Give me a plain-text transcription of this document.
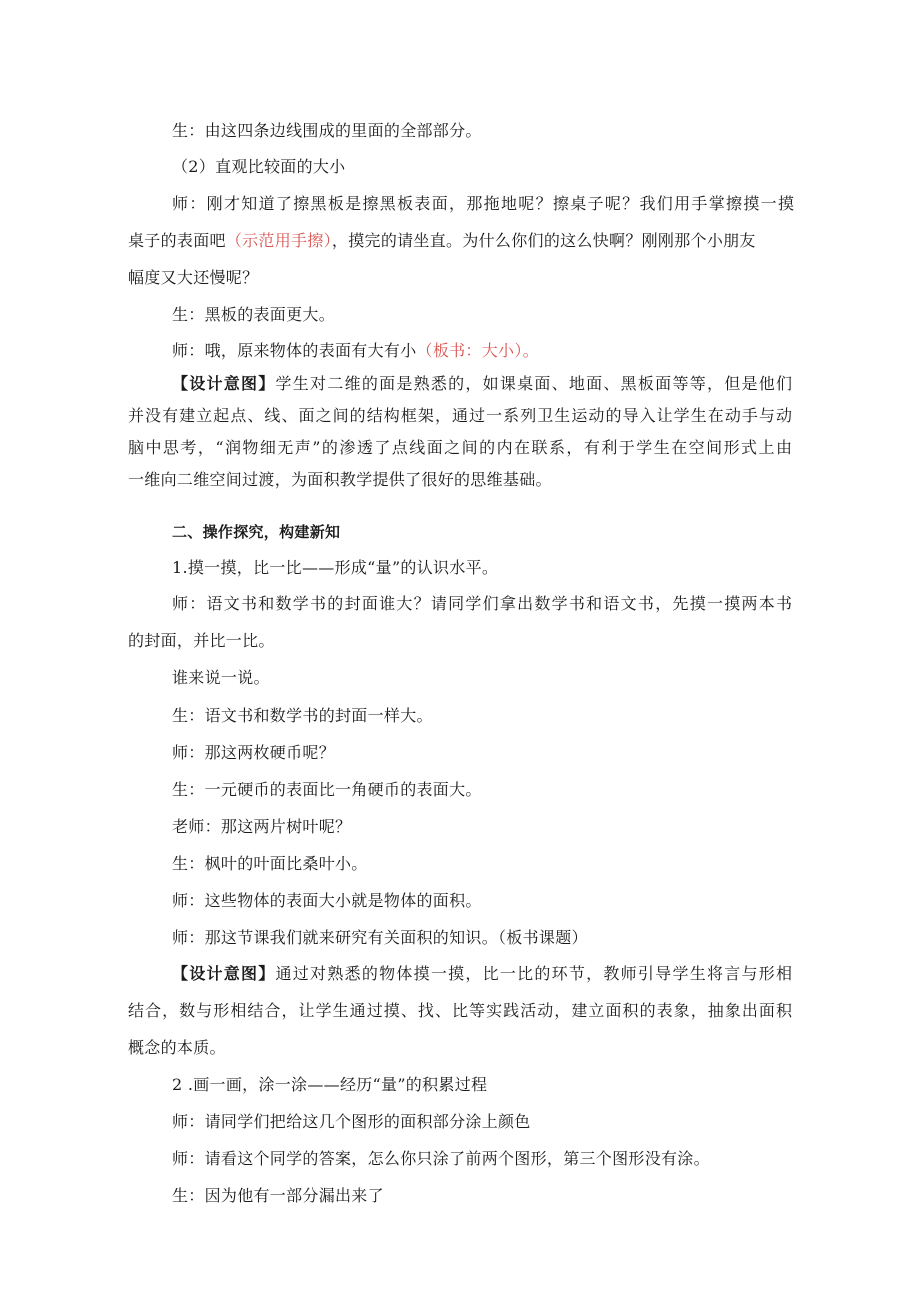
生：由这四条边线围成的里面的全部部分。
（2）直观比较面的大小
师：刚才知道了擦黑板是擦黑板表面，那拖地呢？擦桌子呢？我们用手掌擦摸一摸
桌子的表面吧（示范用手擦），摸完的请坐直。为什么你们的这么快啊？刚刚那个小朋友
幅度又大还慢呢？
生：黑板的表面更大。
师：哦，原来物体的表面有大有小（板书：大小）。
【设计意图】学生对二维的面是熟悉的，如课桌面、地面、黑板面等等，但是他们
并没有建立起点、线、面之间的结构框架，通过一系列卫生运动的导入让学生在动手与动
脑中思考，“润物细无声”的渗透了点线面之间的内在联系，有利于学生在空间形式上由
一维向二维空间过渡，为面积教学提供了很好的思维基础。
二、操作探究，构建新知
1.摸一摸，比一比——形成“量”的认识水平。
师：语文书和数学书的封面谁大？请同学们拿出数学书和语文书，先摸一摸两本书
的封面，并比一比。
谁来说一说。
生：语文书和数学书的封面一样大。
师：那这两枚硬币呢？
生：一元硬币的表面比一角硬币的表面大。
老师：那这两片树叶呢？
生：枫叶的叶面比桑叶小。
师：这些物体的表面大小就是物体的面积。
师：那这节课我们就来研究有关面积的知识。（板书课题）
【设计意图】通过对熟悉的物体摸一摸，比一比的环节，教师引导学生将言与形相
结合，数与形相结合，让学生通过摸、找、比等实践活动，建立面积的表象，抽象出面积
概念的本质。
2 .画一画，涂一涂——经历“量”的积累过程
师：请同学们把给这几个图形的面积部分涂上颜色
师：请看这个同学的答案，怎么你只涂了前两个图形，第三个图形没有涂。
生：因为他有一部分漏出来了
